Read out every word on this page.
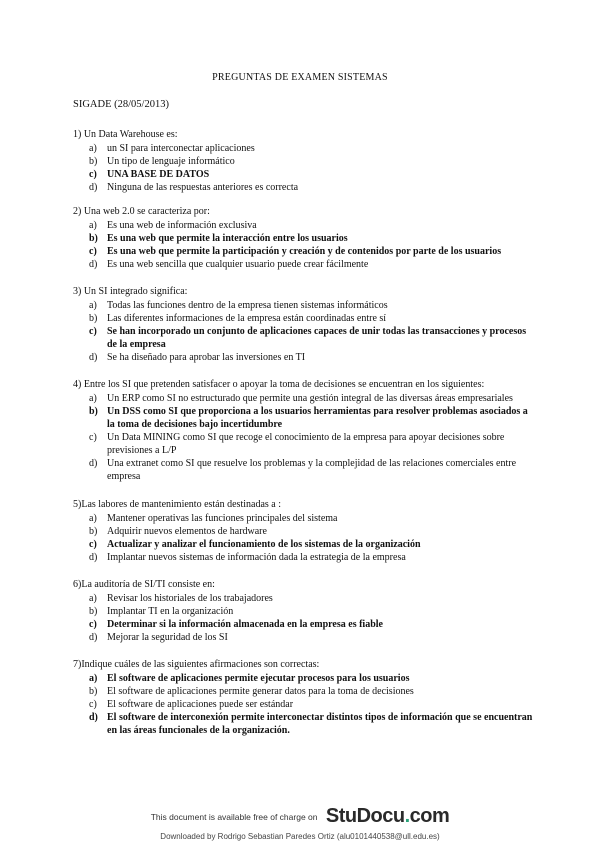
PREGUNTAS DE EXAMEN SISTEMAS
SIGADE (28/05/2013)
1) Un Data Warehouse es:
a)	un SI para interconectar aplicaciones
b) Un tipo de lenguaje informático
c)	UNA BASE DE DATOS
d) Ninguna de las respuestas anteriores es correcta
2) Una web 2.0 se caracteriza por:
a)	Es una web de información exclusiva
b) Es una web que permite la interacción entre los usuarios
c)	Es una web que permite la participación y creación y de contenidos por parte de los usuarios
d) Es una web sencilla que cualquier usuario puede crear fácilmente
3) Un SI integrado significa:
a)	Todas las funciones dentro de la empresa tienen sistemas informáticos
b) Las diferentes informaciones de la empresa están coordinadas entre sí
c)	Se han incorporado un conjunto de aplicaciones capaces de unir todas las transacciones y procesos de la empresa
d) Se ha diseñado para aprobar las inversiones en TI
4) Entre los SI que pretenden satisfacer o apoyar la toma de decisiones se encuentran en los siguientes:
a)	Un ERP como SI no estructurado que permite una gestión integral de las diversas áreas empresariales
b) Un DSS como SI que proporciona a los usuarios herramientas para resolver problemas asociados a la toma de decisiones bajo incertidumbre
c)	Un Data MINING como SI que recoge el conocimiento de la empresa para apoyar decisiones sobre previsiones a L/P
d) Una extranet como SI que resuelve los problemas y la complejidad de las relaciones comerciales entre empresa
5)Las labores de mantenimiento están destinadas a :
a)	Mantener operativas las funciones principales del sistema
b) Adquirir nuevos elementos de hardware
c)	Actualizar y analizar el funcionamiento de los sistemas de la organización
d) Implantar nuevos sistemas de información dada la estrategia de la empresa
6)La auditoría de SI/TI consiste en:
a)	Revisar los historiales de los trabajadores
b) Implantar TI en la organización
c)	Determinar si la información almacenada en la empresa es fiable
d) Mejorar la seguridad de los SI
7)Indique cuáles de las siguientes afirmaciones son correctas:
a) El software de aplicaciones permite ejecutar procesos para los usuarios
b) El software de aplicaciones permite generar datos para la toma de decisiones
c)	El software de aplicaciones puede ser estándar
d) El software de interconexión permite interconectar distintos tipos de información que se encuentran en las áreas funcionales de la organización.
This document is available free of charge on StuDocu.com
Downloaded by Rodrigo Sebastian Paredes Ortiz (alu0101440538@ull.edu.es)
